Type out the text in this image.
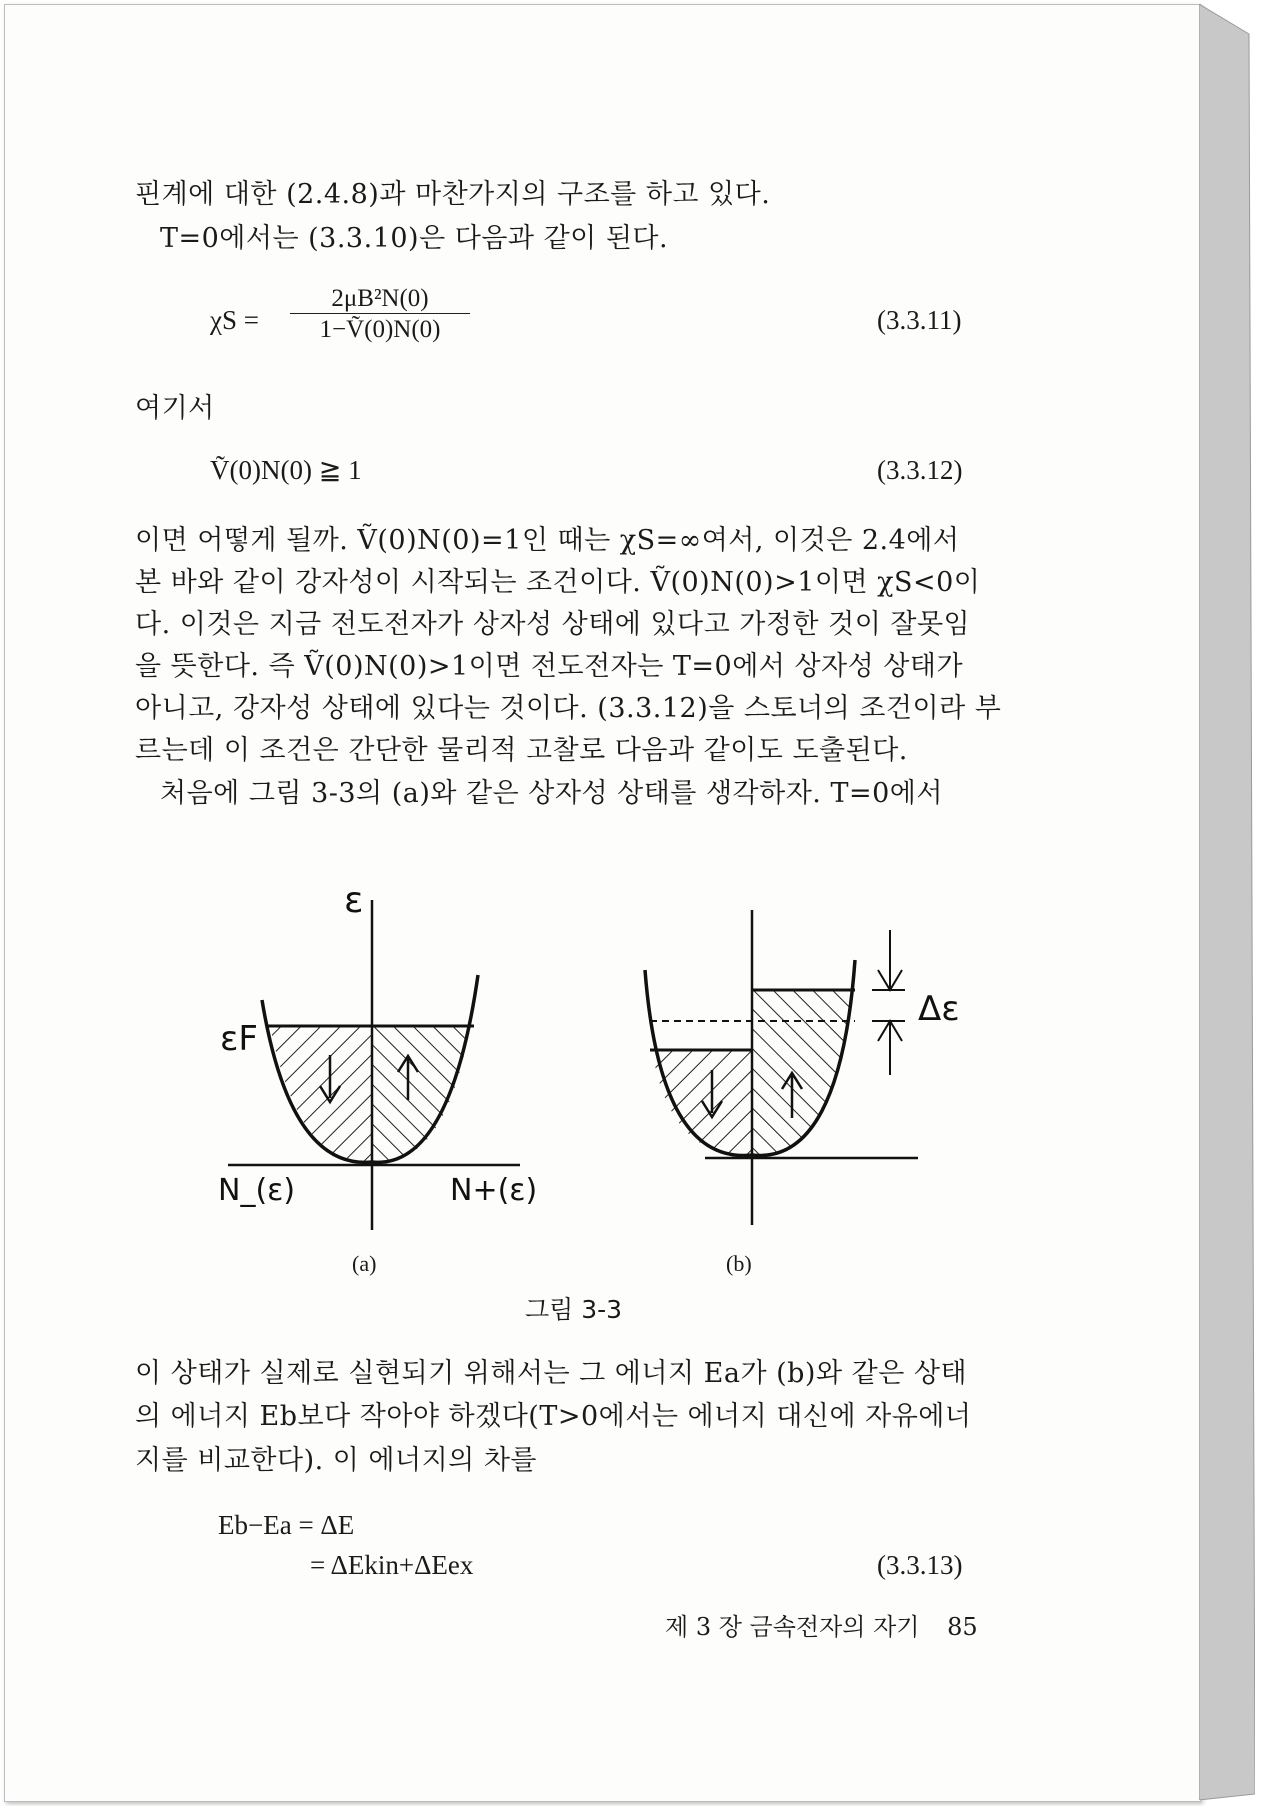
핀계에 대한 (2.4.8)과 마찬가지의 구조를 하고 있다.
T=0에서는 (3.3.10)은 다음과 같이 된다.
$\chi S = \frac{\text{2μB²N(0)}}{\text{1−Ṽ(0)N(0)}}$	(3.3.11)
여기서
Ṽ(0)N(0) ≧ 1	(3.3.12)
이면 어떻게 될까. Ṽ(0)N(0)=1인 때는 χS=∞여서, 이것은 2.4에서
본 바와 같이 강자성이 시작되는 조건이다. Ṽ(0)N(0)>1이면 χS<0이
다. 이것은 지금 전도전자가 상자성 상태에 있다고 가정한 것이 잘못임
을 뜻한다. 즉 Ṽ(0)N(0)>1이면 전도전자는 T=0에서 상자성 상태가
아니고, 강자성 상태에 있다는 것이다. (3.3.12)을 스토너의 조건이라 부
르는데 이 조건은 간단한 물리적 고찰로 다음과 같이도 도출된다.
처음에 그림 3-3의 (a)와 같은 상자성 상태를 생각하자. T=0에서
ε
εF
N_(ε)	N+(ε)
Δε
(a)	(b)
그림 3-3
이 상태가 실제로 실현되기 위해서는 그 에너지 Ea가 (b)와 같은 상태
의 에너지 Eb보다 작아야 하겠다(T>0에서는 에너지 대신에 자유에너
지를 비교한다). 이 에너지의 차를
Eb−Ea = ΔE
= ΔEkin+ΔEex	(3.3.13)
제 3 장 금속전자의 자기 85
